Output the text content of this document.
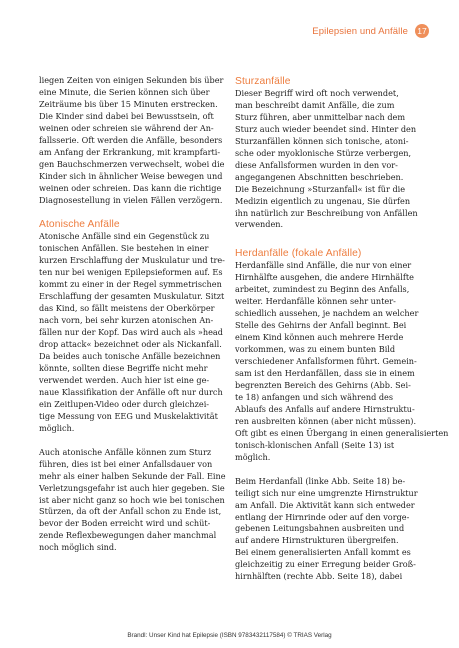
Epilepsien und Anfälle 17
liegen Zeiten von einigen Sekunden bis über
eine Minute, die Serien können sich über
Zeiträume bis über 15 Minuten erstrecken.
Die Kinder sind dabei bei Bewusstsein, oft
weinen oder schreien sie während der An-
fallsserie. Oft werden die Anfälle, besonders
am Anfang der Erkrankung, mit krampfarti-
gen Bauchschmerzen verwechselt, wobei die
Kinder sich in ähnlicher Weise bewegen und
weinen oder schreien. Das kann die richtige
Diagnosestellung in vielen Fällen verzögern.
Atonische Anfälle
Atonische Anfälle sind ein Gegenstück zu
tonischen Anfällen. Sie bestehen in einer
kurzen Erschlaffung der Muskulatur und tre-
ten nur bei wenigen Epilepsieformen auf. Es
kommt zu einer in der Regel symmetrischen
Erschlaffung der gesamten Muskulatur. Sitzt
das Kind, so fällt meistens der Oberkörper
nach vorn, bei sehr kurzen atonischen An-
fällen nur der Kopf. Das wird auch als »head
drop attack« bezeichnet oder als Nickanfall.
Da beides auch tonische Anfälle bezeichnen
könnte, sollten diese Begriffe nicht mehr
verwendet werden. Auch hier ist eine ge-
naue Klassifikation der Anfälle oft nur durch
ein Zeitlupen-Video oder durch gleichzei-
tige Messung von EEG und Muskelaktivität
möglich.
Auch atonische Anfälle können zum Sturz
führen, dies ist bei einer Anfallsdauer von
mehr als einer halben Sekunde der Fall. Eine
Verletzungsgefahr ist auch hier gegeben. Sie
ist aber nicht ganz so hoch wie bei tonischen
Stürzen, da oft der Anfall schon zu Ende ist,
bevor der Boden erreicht wird und schüt-
zende Reflexbewegungen daher manchmal
noch möglich sind.
Sturzanfälle
Dieser Begriff wird oft noch verwendet,
man beschreibt damit Anfälle, die zum
Sturz führen, aber unmittelbar nach dem
Sturz auch wieder beendet sind. Hinter den
Sturzanfällen können sich tonische, atoni-
sche oder myoklonische Stürze verbergen,
diese Anfallsformen wurden in den vor-
angegangenen Abschnitten beschrieben.
Die Bezeichnung »Sturzanfall« ist für die
Medizin eigentlich zu ungenau, Sie dürfen
ihn natürlich zur Beschreibung von Anfällen
verwenden.
Herdanfälle (fokale Anfälle)
Herdanfälle sind Anfälle, die nur von einer
Hirnhälfte ausgehen, die andere Hirnhälfte
arbeitet, zumindest zu Beginn des Anfalls,
weiter. Herdanfälle können sehr unter-
schiedlich aussehen, je nachdem an welcher
Stelle des Gehirns der Anfall beginnt. Bei
einem Kind können auch mehrere Herde
vorkommen, was zu einem bunten Bild
verschiedener Anfallsformen führt. Gemein-
sam ist den Herdanfällen, dass sie in einem
begrenzten Bereich des Gehirns (Abb. Sei-
te 18) anfangen und sich während des
Ablaufs des Anfalls auf andere Hirnstruktu-
ren ausbreiten können (aber nicht müssen).
Oft gibt es einen Übergang in einen generalisierten
tonisch-klonischen Anfall (Seite 13) ist
möglich.
Beim Herdanfall (linke Abb. Seite 18) be-
teiligt sich nur eine umgrenzte Hirnstruktur
am Anfall. Die Aktivität kann sich entweder
entlang der Hirnrinde oder auf den vorge-
gebenen Leitungsbahnen ausbreiten und
auf andere Hirnstrukturen übergreifen.
Bei einem generalisierten Anfall kommt es
gleichzeitig zu einer Erregung beider Groß-
hirnhälften (rechte Abb. Seite 18), dabei
Brandl: Unser Kind hat Epilepsie (ISBN 9783432117584) © TRIAS Verlag
